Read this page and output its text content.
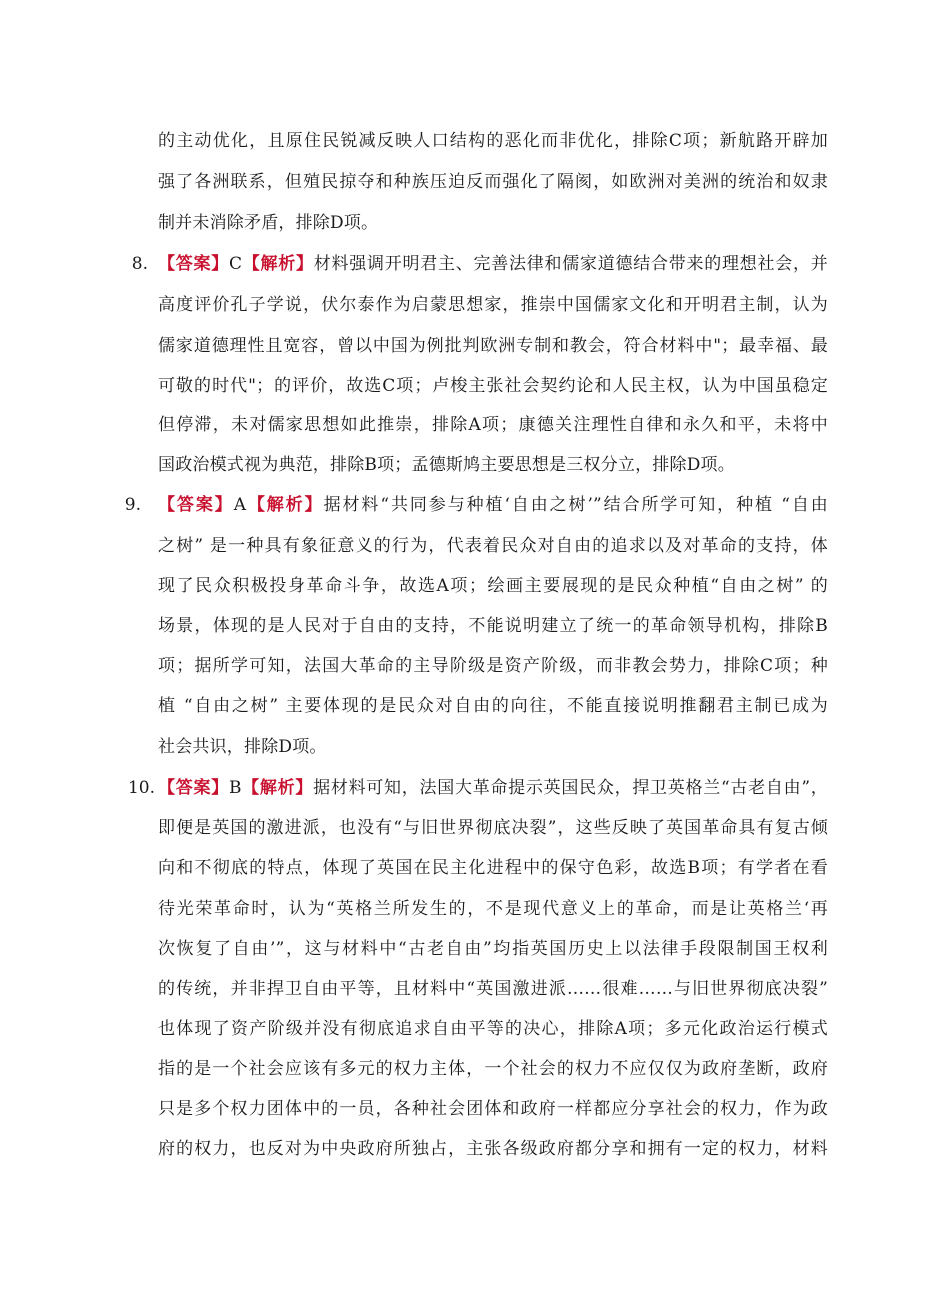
的主动优化，且原住民锐减反映人口结构的恶化而非优化，排除C项；新航路开辟加
强了各洲联系，但殖民掠夺和种族压迫反而强化了隔阂，如欧洲对美洲的统治和奴隶
制并未消除矛盾，排除D项。
8. 【答案】C【解析】材料强调开明君主、完善法律和儒家道德结合带来的理想社会，并
高度评价孔子学说，伏尔泰作为启蒙思想家，推崇中国儒家文化和开明君主制，认为
儒家道德理性且宽容，曾以中国为例批判欧洲专制和教会，符合材料中"；最幸福、最
可敬的时代"；的评价，故选C项；卢梭主张社会契约论和人民主权，认为中国虽稳定
但停滞，未对儒家思想如此推崇，排除A项；康德关注理性自律和永久和平，未将中
国政治模式视为典范，排除B项；孟德斯鸠主要思想是三权分立，排除D项。
9. 【答案】A【解析】据材料“共同参与种植‘自由之树’”结合所学可知，种植 “自由
之树” 是一种具有象征意义的行为，代表着民众对自由的追求以及对革命的支持，体
现了民众积极投身革命斗争，故选A项；绘画主要展现的是民众种植“自由之树” 的
场景，体现的是人民对于自由的支持，不能说明建立了统一的革命领导机构，排除B
项；据所学可知，法国大革命的主导阶级是资产阶级，而非教会势力，排除C项；种
植 “自由之树” 主要体现的是民众对自由的向往，不能直接说明推翻君主制已成为
社会共识，排除D项。
10. 【答案】B【解析】据材料可知，法国大革命提示英国民众，捍卫英格兰“古老自由”，
即便是英国的激进派，也没有“与旧世界彻底决裂”，这些反映了英国革命具有复古倾
向和不彻底的特点，体现了英国在民主化进程中的保守色彩，故选B项；有学者在看
待光荣革命时，认为“英格兰所发生的，不是现代意义上的革命，而是让英格兰‘再
次恢复了自由’”，这与材料中“古老自由”均指英国历史上以法律手段限制国王权利
的传统，并非捍卫自由平等，且材料中“英国激进派……很难……与旧世界彻底决裂”
也体现了资产阶级并没有彻底追求自由平等的决心，排除A项；多元化政治运行模式
指的是一个社会应该有多元的权力主体，一个社会的权力不应仅仅为政府垄断，政府
只是多个权力团体中的一员，各种社会团体和政府一样都应分享社会的权力，作为政
府的权力，也反对为中央政府所独占，主张各级政府都分享和拥有一定的权力，材料
